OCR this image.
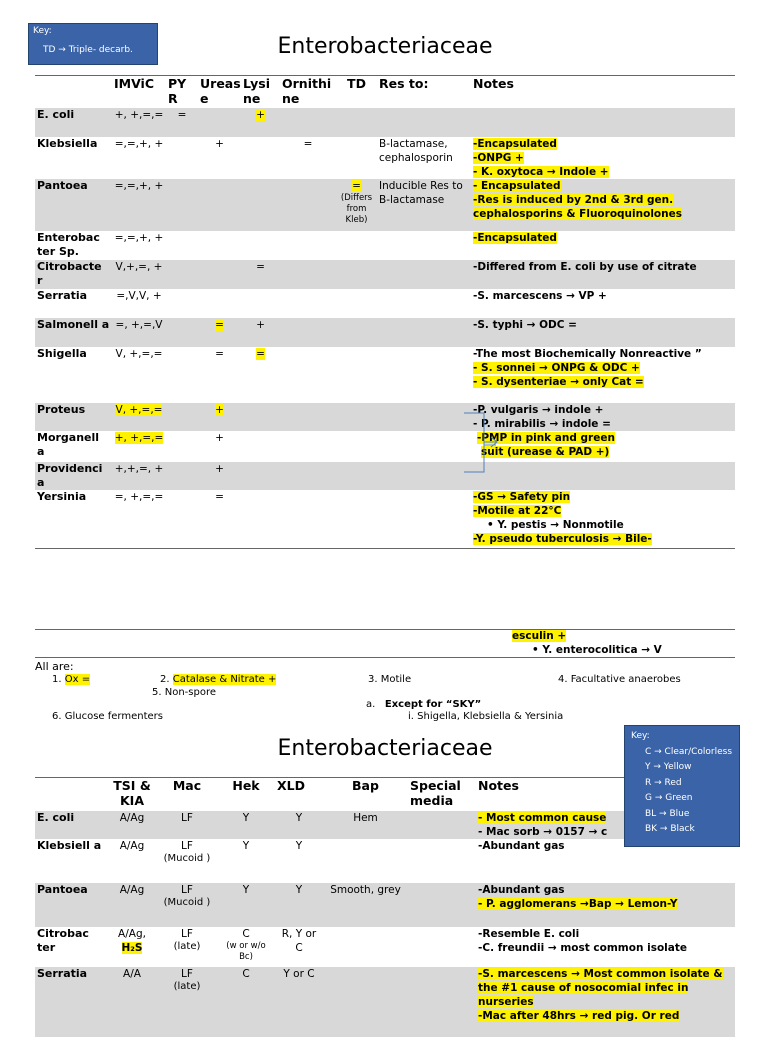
Key:
TD → Triple- decarb.	Enterobacteriaceae
	IMViC	PY R	Ureas e	Lysi ne	Ornithi ne	TD	Res to:	Notes
E. coli	+, +,=,=	=		+				
Klebsiella	=,=,+, +		+		=		B-lactamase, cephalosporin	-Encapsulated
-ONPG +
- K. oxytoca → Indole +
Pantoea	=,=,+, +					=
(Differs from Kleb)	Inducible Res to B-lactamase	- Encapsulated
-Res is induced by 2nd & 3rd gen. cephalosporins & Fluoroquinolones
Enterobac ter Sp.	=,=,+, +							-Encapsulated
Citrobacte r	V,+,=, +			=				-Differed from E. coli by use of citrate
Serratia	=,V,V, +							-S. marcescens → VP +
Salmonell a	=, +,=,V		=	+				-S. typhi → ODC =
Shigella	V, +,=,=		=	=				-The most Biochemically Nonreactive ”
- S. sonnei → ONPG & ODC +
- S. dysenteriae → only Cat =
Proteus	V, +,=,=		+					-P. vulgaris → indole +
- P. mirabilis → indole =
Morganell a	+, +,=,=		+					-PMP in pink and green
suit (urease & PAD +)
Providenci a	+,+,=, +		+					
Yersinia	=, +,=,=		=					-GS → Safety pin
-Motile at 22°C
• Y. pestis → Nonmotile
-Y. pseudo tuberculosis → Bile-
esculin +
• Y. enterocolitica → V
All are:
1. Ox =	2. Catalase & Nitrate +	3. Motile	4. Facultative anaerobes
5. Non-spore
a. Except for “SKY”
6. Glucose fermenters	i. Shigella, Klebsiella & Yersinia
Enterobacteriaceae
	TSI & KIA	Mac	Hek	XLD	Bap	Special media	Notes
E. coli	A/Ag	LF	Y	Y	Hem		- Most common cause
- Mac sorb → 0157 → c
Klebsiell a	A/Ag	LF
(Mucoid )	Y	Y			-Abundant gas
Pantoea	A/Ag	LF
(Mucoid )	Y	Y	Smooth, grey		-Abundant gas
- P. agglomerans →Bap → Lemon-Y
Citrobac ter	A/Ag,
H₂S	LF
(late)	C
(w or w/o Bc)	R, Y or C			-Resemble E. coli
-C. freundii → most common isolate
Serratia	A/A	LF
(late)	C	Y or C			-S. marcescens → Most common isolate & the #1 cause of nosocomial infec in nurseries
-Mac after 48hrs → red pig. Or red
Key:
C → Clear/Colorless
Y → Yellow
R → Red
G → Green
BL → Blue
BK → Black
